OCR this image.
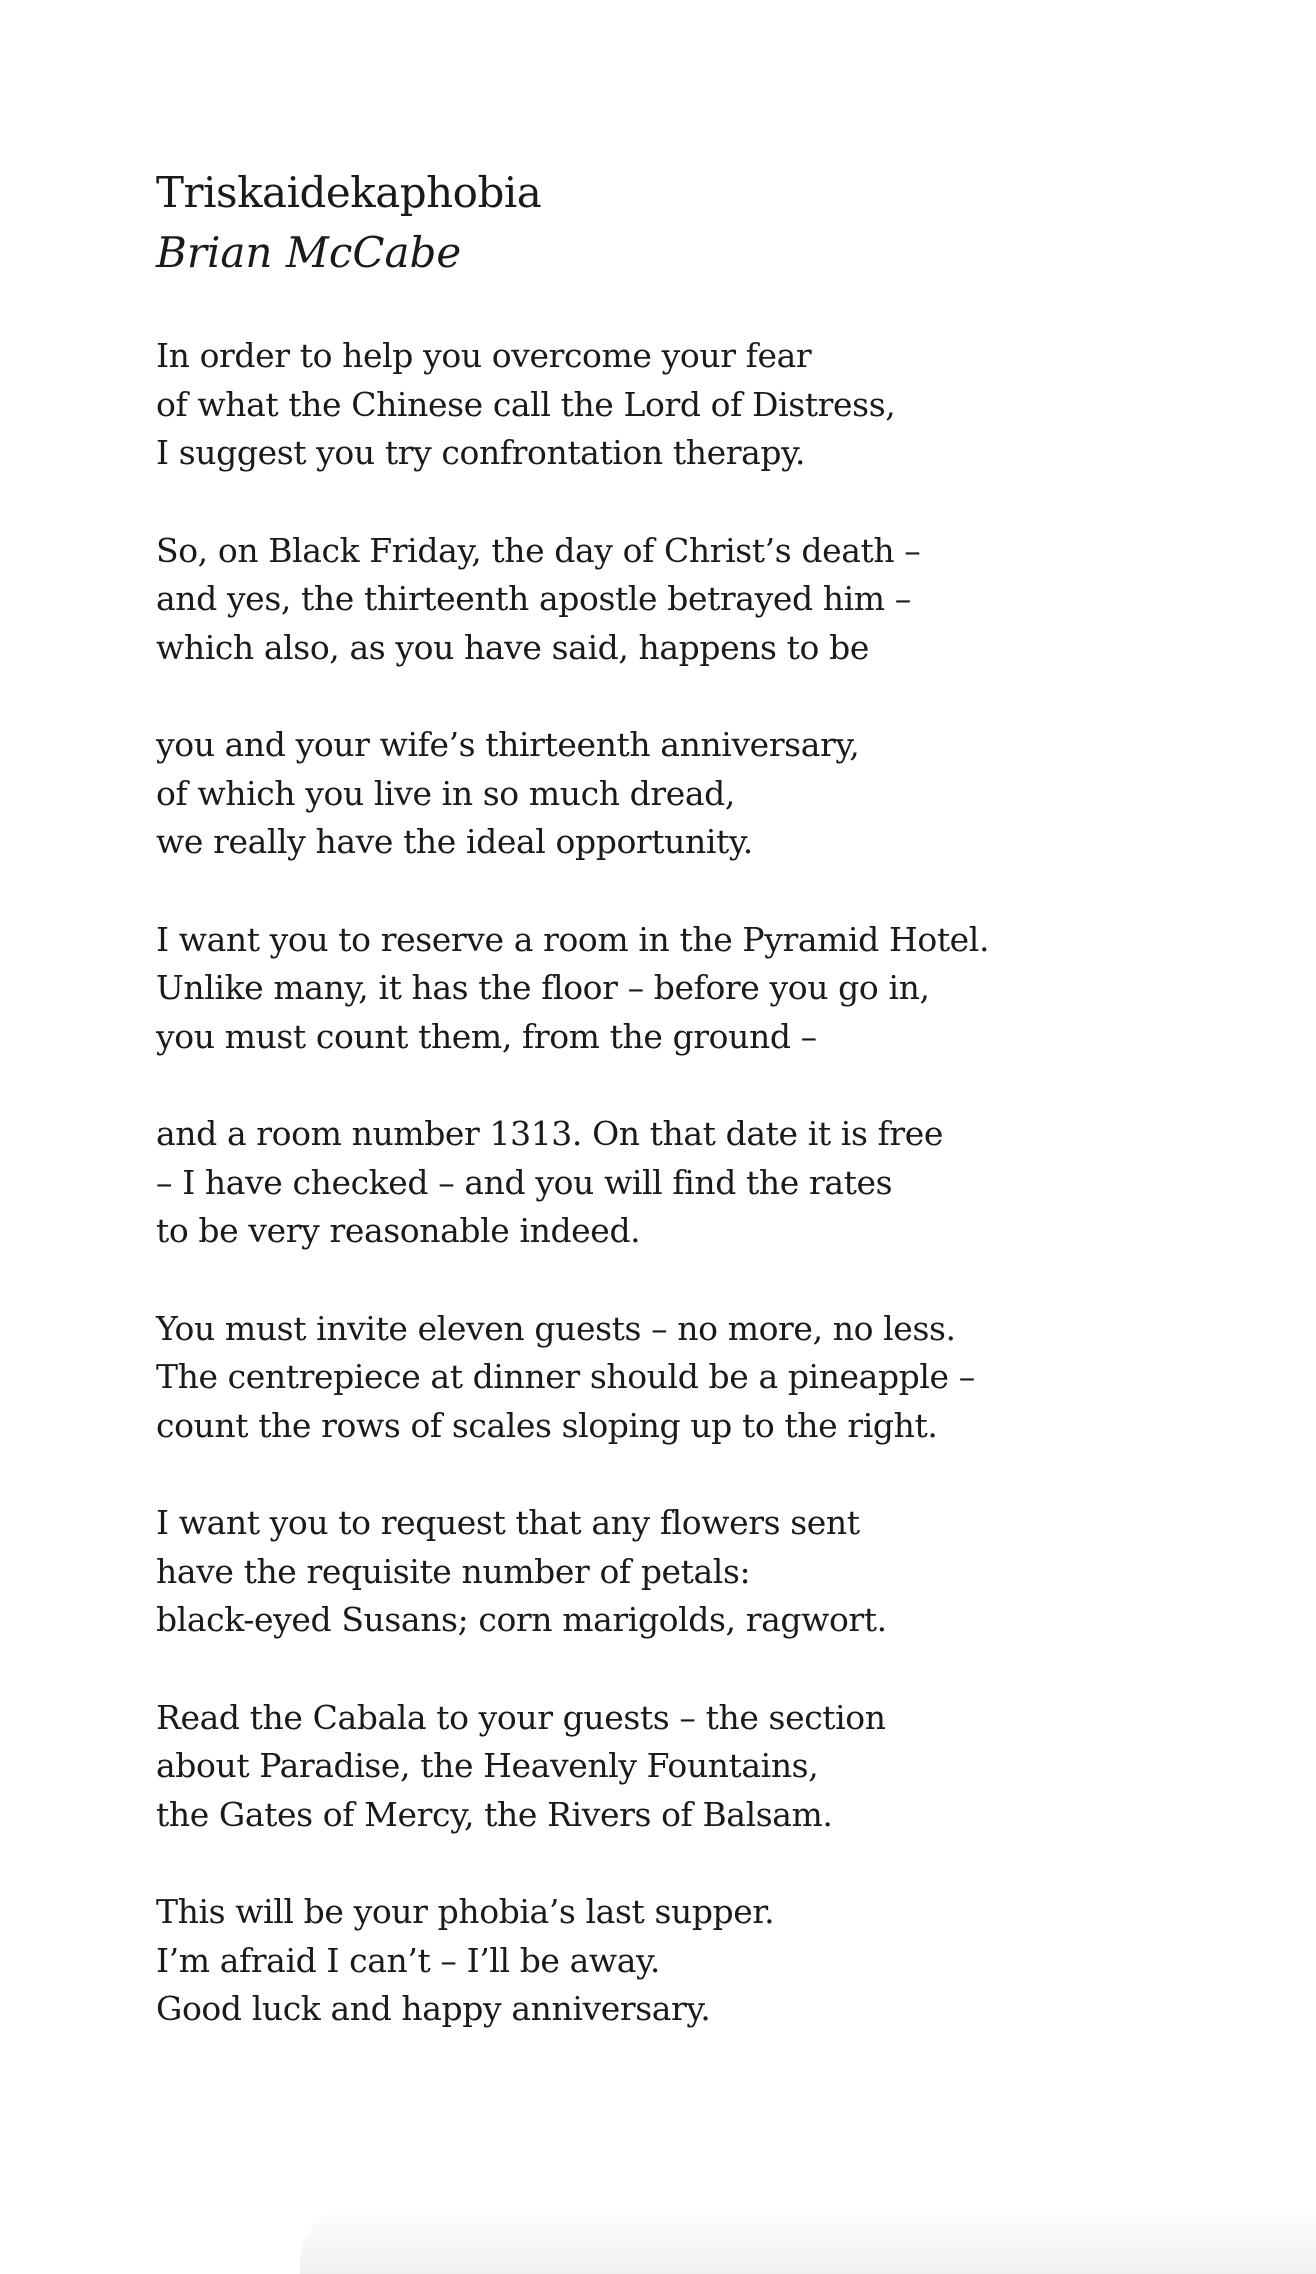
Triskaidekaphobia
Brian McCabe
In order to help you overcome your fear
of what the Chinese call the Lord of Distress,
I suggest you try confrontation therapy.
So, on Black Friday, the day of Christ’s death –
and yes, the thirteenth apostle betrayed him –
which also, as you have said, happens to be
you and your wife’s thirteenth anniversary,
of which you live in so much dread,
we really have the ideal opportunity.
I want you to reserve a room in the Pyramid Hotel.
Unlike many, it has the floor – before you go in,
you must count them, from the ground –
and a room number 1313. On that date it is free
– I have checked – and you will find the rates
to be very reasonable indeed.
You must invite eleven guests – no more, no less.
The centrepiece at dinner should be a pineapple –
count the rows of scales sloping up to the right.
I want you to request that any flowers sent
have the requisite number of petals:
black-eyed Susans; corn marigolds, ragwort.
Read the Cabala to your guests – the section
about Paradise, the Heavenly Fountains,
the Gates of Mercy, the Rivers of Balsam.
This will be your phobia’s last supper.
I’m afraid I can’t – I’ll be away.
Good luck and happy anniversary.
